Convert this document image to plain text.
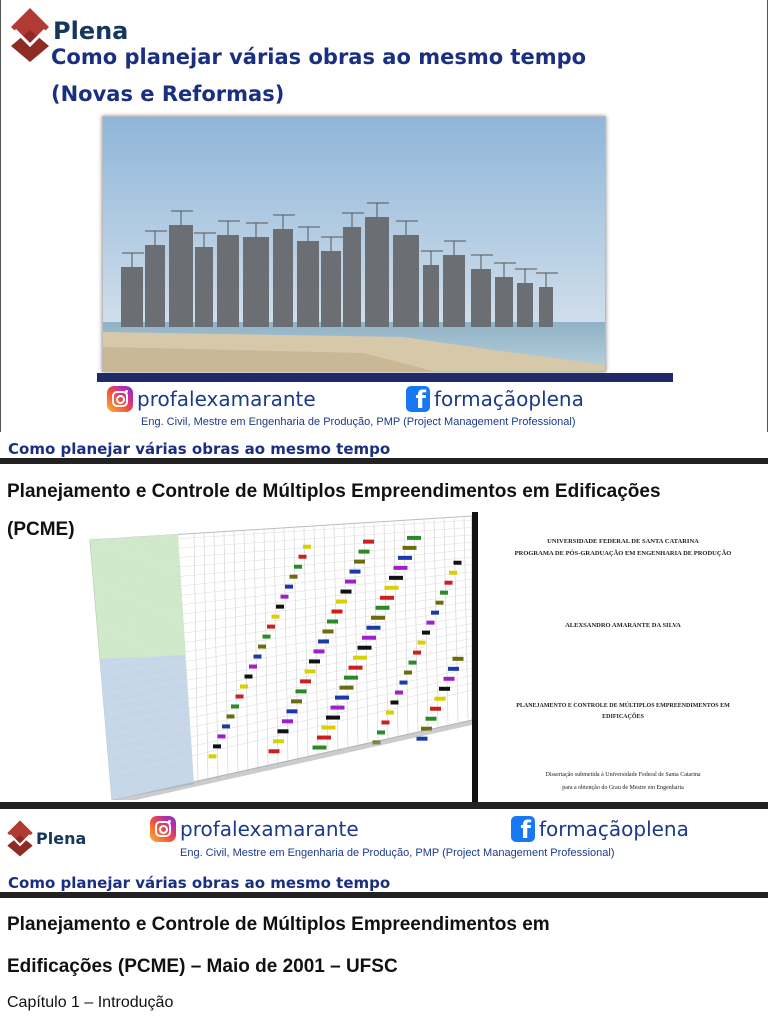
Plena
Como planejar várias obras ao mesmo tempo
(Novas e Reformas)
profalexamarante	f formaçãoplena
Eng. Civil, Mestre em Engenharia de Produção, PMP (Project Management Professional)
Como planejar várias obras ao mesmo tempo
Planejamento e Controle de Múltiplos Empreendimentos em Edificações
(PCME)
UNIVERSIDADE FEDERAL DE SANTA CATARINA
PROGRAMA DE PÓS-GRADUAÇÃO EM ENGENHARIA DE PRODUÇÃO
ALEXSANDRO AMARANTE DA SILVA
PLANEJAMENTO E CONTROLE DE MÚLTIPLOS EMPREENDIMENTOS EM
EDIFICAÇÕES
Dissertação submetida à Universidade Federal de Santa Catarina
para a obtenção do Grau de Mestre em Engenharia
Plena	profalexamarante	f formaçãoplena
Eng. Civil, Mestre em Engenharia de Produção, PMP (Project Management Professional)
Como planejar várias obras ao mesmo tempo
Planejamento e Controle de Múltiplos Empreendimentos em
Edificações (PCME) – Maio de 2001 – UFSC
Capítulo 1 – Introdução
